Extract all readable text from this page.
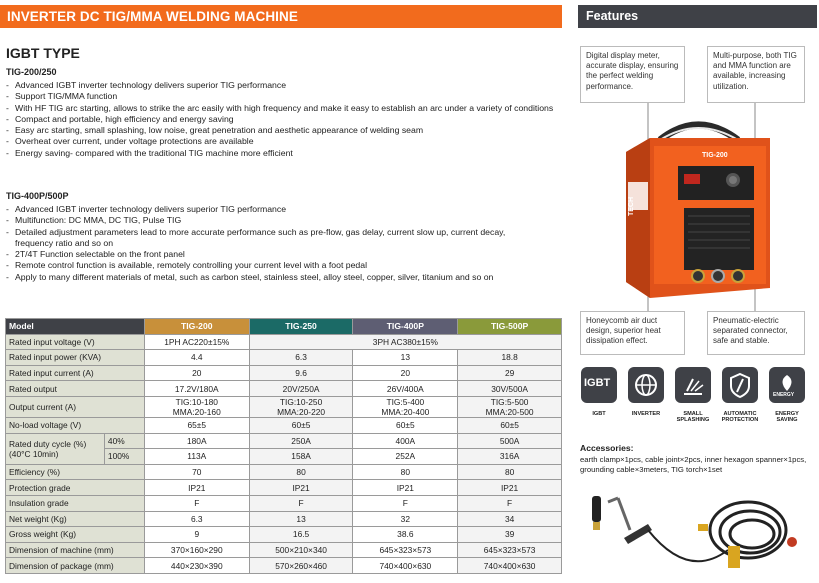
INVERTER DC TIG/MMA WELDING MACHINE
IGBT TYPE
TIG-200/250
- Advanced IGBT inverter technology delivers superior TIG performance
- Support TIG/MMA function
- With HF TIG arc starting, allows to strike the arc easily with high frequency and make it easy to establish an arc under a variety of conditions
- Compact and portable, high efficiency and energy saving
- Easy arc starting, small splashing, low noise, great penetration and aesthetic appearance of welding seam
- Overheat over current, under voltage protections are available
- Energy saving- compared with the traditional TIG machine more efficient
TIG-400P/500P
- Advanced IGBT inverter technology delivers superior TIG performance
- Multifunction: DC MMA, DC TIG, Pulse TIG
- Detailed adjustment parameters lead to more accurate performance such as pre-flow, gas delay, current slow up, current decay, frequency ratio and so on
- 2T/4T Function selectable on the front panel
- Remote control function is available, remotely controlling your current level with a foot pedal
- Apply to many different materials of metal, such as carbon steel, stainless steel, alloy steel, copper, silver, titanium and so on
Model		TIG-200	TIG-250	TIG-400P	TIG-500P
Rated input voltage (V)		1PH AC220±15%	3PH AC380±15%		
Rated input power (KVA)		4.4	6.3	13	18.8
Rated input current (A)		20	9.6	20	29
Rated output		17.2V/180A	20V/250A	26V/400A	30V/500A
Output current (A)		TIG:10-180
MMA:20-160	TIG:10-250
MMA:20-220	TIG:5-400
MMA:20-400	TIG:5-500
MMA:20-500
No-load voltage (V)		65±5	60±5	60±5	60±5
Rated duty cycle (%)
(40°C 10min)	40%	180A	250A	400A	500A
	100%	113A	158A	252A	316A
Efficiency (%)		70	80	80	80
Protection grade		IP21	IP21	IP21	IP21
Insulation grade		F	F	F	F
Net weight (Kg)		6.3	13	32	34
Gross weight (Kg)		9	16.5	38.6	39
Dimension of machine (mm)		370×160×290	500×210×340	645×323×573	645×323×573
Dimension of package (mm)		440×230×390	570×260×460	740×400×630	740×400×630
Features
Digital display meter, accurate display, ensuring the perfect welding performance.
Multi-purpose, both TIG and MMA function are available, increasing utilization.
TECH
TIG-200
Honeycomb air duct design, superior heat dissipation effect.
Pneumatic-electric separated connector, safe and stable.
IGBT
ENERGY
IGBT	INVERTER	SMALL SPLASHING
AUTOMATIC PROTECTION
ENERGY SAVING
Accessories:
earth clamp×1pcs, cable joint×2pcs, inner hexagon spanner×1pcs, grounding cable×3meters, TIG torch×1set
